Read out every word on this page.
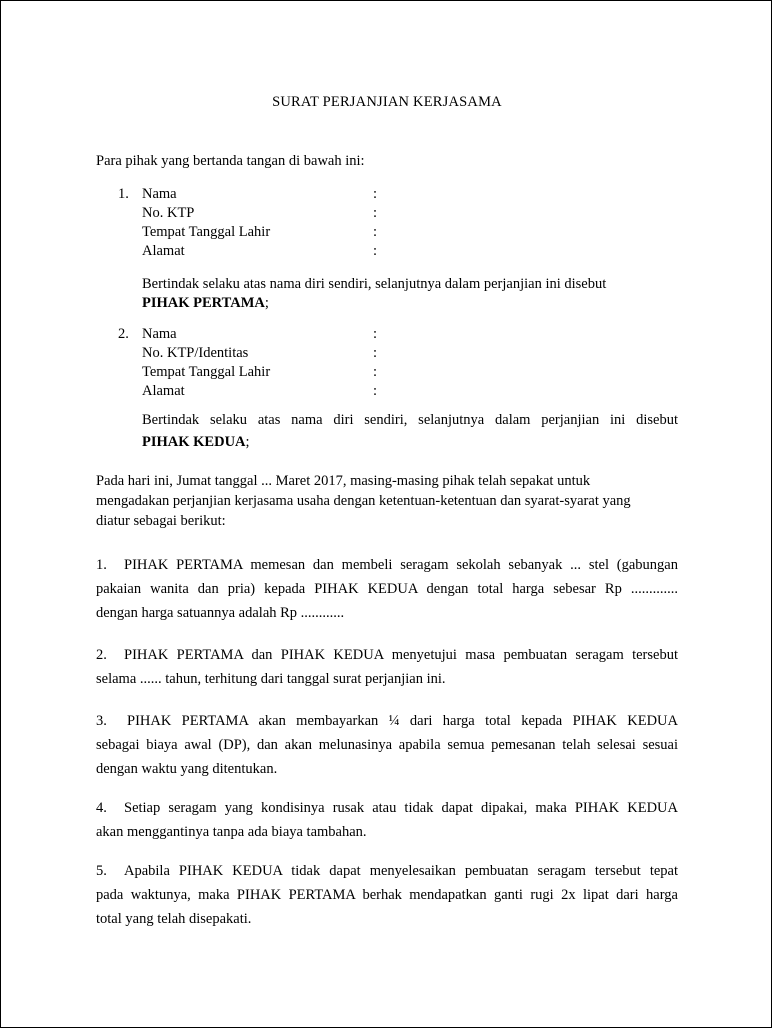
SURAT PERJANJIAN KERJASAMA
Para pihak yang bertanda tangan di bawah ini:
1. Nama	:
No. KTP	:
Tempat Tanggal Lahir	:
Alamat	:
Bertindak selaku atas nama diri sendiri, selanjutnya dalam perjanjian ini disebut
PIHAK PERTAMA;
2. Nama	:
No. KTP/Identitas	:
Tempat Tanggal Lahir	:
Alamat	:
Bertindak selaku atas nama diri sendiri, selanjutnya dalam perjanjian ini disebut
PIHAK KEDUA;
Pada hari ini, Jumat tanggal ... Maret 2017, masing-masing pihak telah sepakat untuk
mengadakan perjanjian kerjasama usaha dengan ketentuan-ketentuan dan syarat-syarat yang
diatur sebagai berikut:
1.	PIHAK PERTAMA memesan dan membeli seragam sekolah sebanyak ... stel (gabungan
pakaian wanita dan pria) kepada PIHAK KEDUA dengan total harga sebesar Rp .............
dengan harga satuannya adalah Rp ............
2.	PIHAK PERTAMA dan PIHAK KEDUA menyetujui masa pembuatan seragam tersebut
selama ...... tahun, terhitung dari tanggal surat perjanjian ini.
3.	PIHAK PERTAMA akan membayarkan ¼ dari harga total kepada PIHAK KEDUA
sebagai biaya awal (DP), dan akan melunasinya apabila semua pemesanan telah selesai sesuai
dengan waktu yang ditentukan.
4.	Setiap seragam yang kondisinya rusak atau tidak dapat dipakai, maka PIHAK KEDUA
akan menggantinya tanpa ada biaya tambahan.
5.	Apabila PIHAK KEDUA tidak dapat menyelesaikan pembuatan seragam tersebut tepat
pada waktunya, maka PIHAK PERTAMA berhak mendapatkan ganti rugi 2x lipat dari harga
total yang telah disepakati.
